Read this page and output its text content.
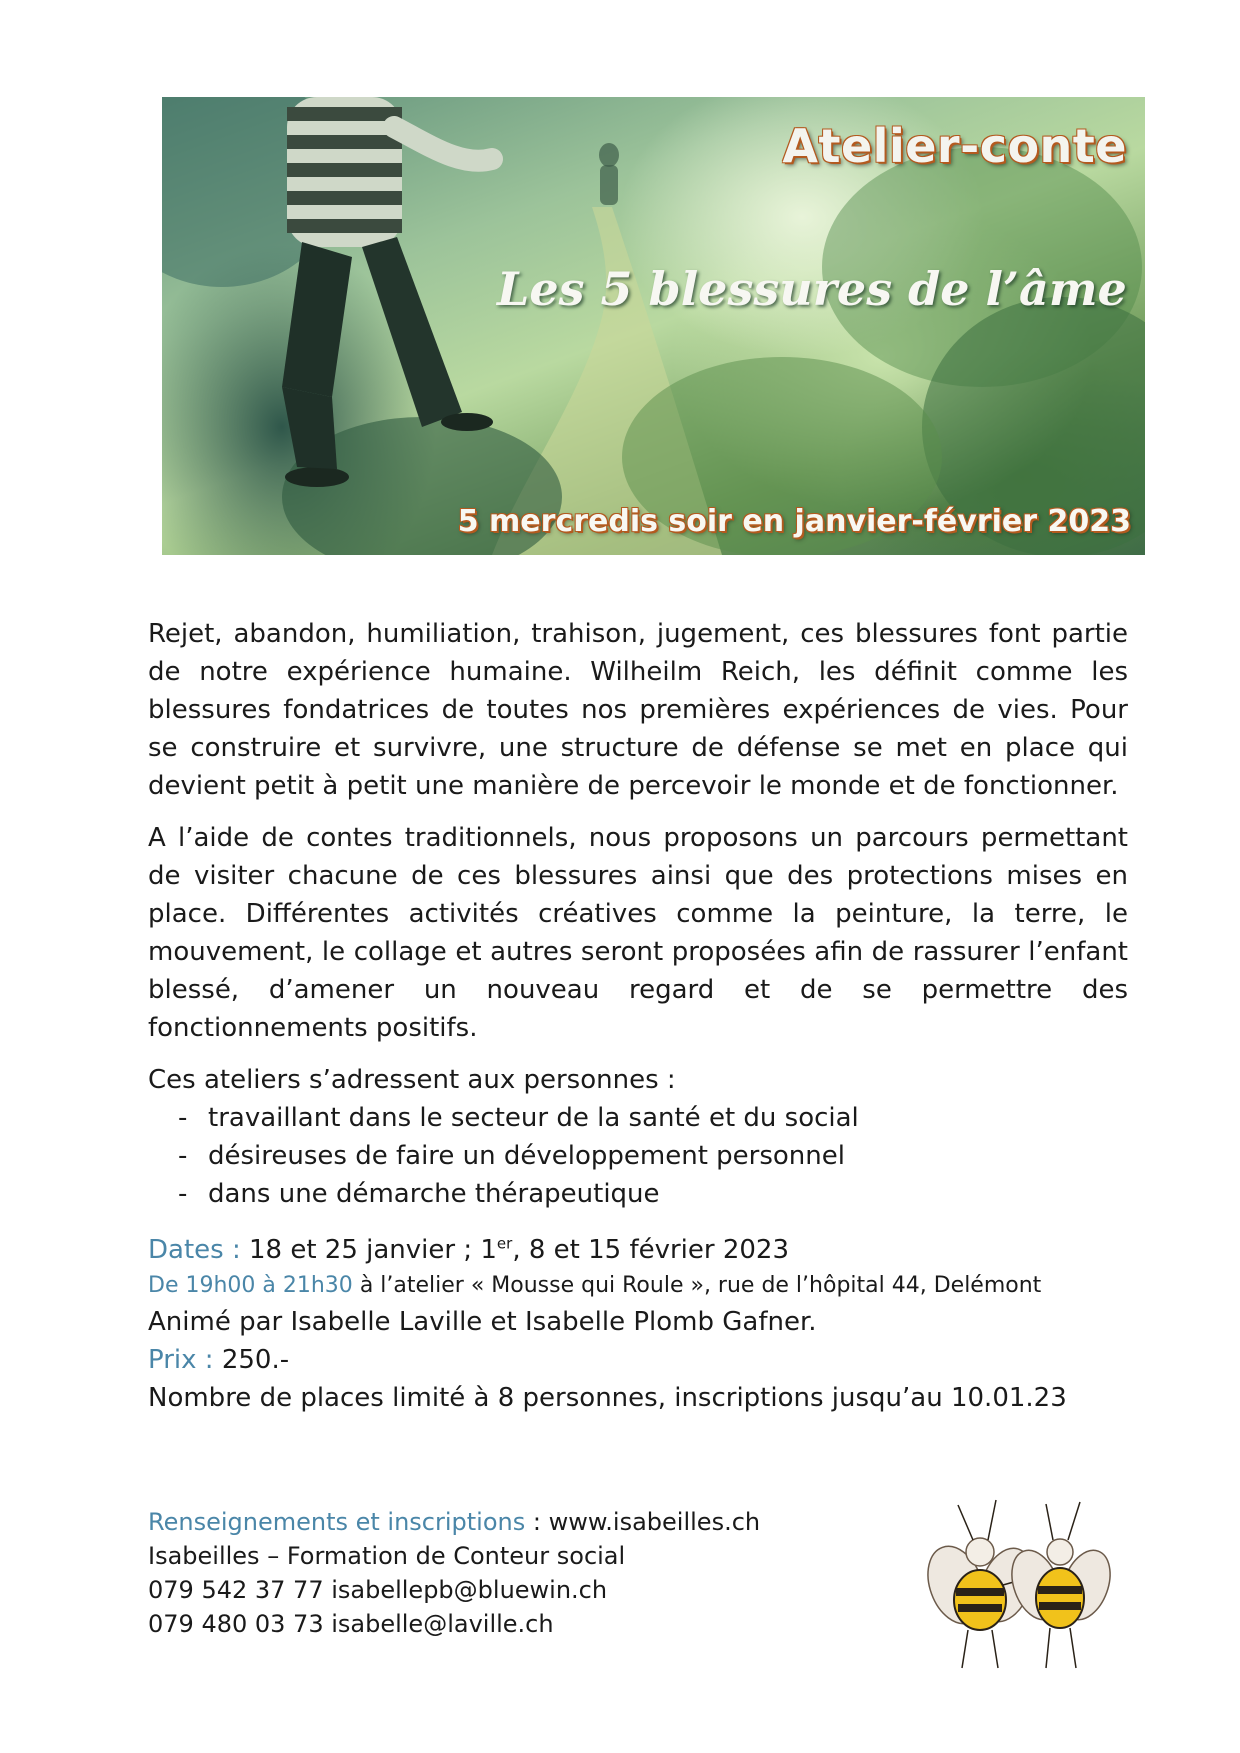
Atelier-conte
Les 5 blessures de l’âme

5 mercredis soir en janvier-février 2023

Rejet, abandon, humiliation, trahison, jugement, ces blessures font partie de notre expérience humaine. Wilheilm Reich, les définit comme les blessures fondatrices de toutes nos premières expériences de vies. Pour se construire et survivre, une structure de défense se met en place qui devient petit à petit une manière de percevoir le monde et de fonctionner.

A l’aide de contes traditionnels, nous proposons un parcours permettant de visiter chacune de ces blessures ainsi que des protections mises en place. Différentes activités créatives comme la peinture, la terre, le mouvement, le collage et autres seront proposées afin de rassurer l’enfant blessé, d’amener un nouveau regard et de se permettre des fonctionnements positifs.

Ces ateliers s’adressent aux personnes :

- travaillant dans le secteur de la santé et du social
- désireuses de faire un développement personnel
- dans une démarche thérapeutique

Dates : 18 et 25 janvier ; 1er, 8 et 15 février 2023

De 19h00 à 21h30 à l’atelier « Mousse qui Roule », rue de l’hôpital 44, Delémont

Animé par Isabelle Laville et Isabelle Plomb Gafner.

Prix : 250.-

Nombre de places limité à 8 personnes, inscriptions jusqu’au 10.01.23

Renseignements et inscriptions : www.isabeilles.ch

Isabeilles – Formation de Conteur social

079 542 37 77 isabellepb@bluewin.ch

079 480 03 73 isabelle@laville.ch
